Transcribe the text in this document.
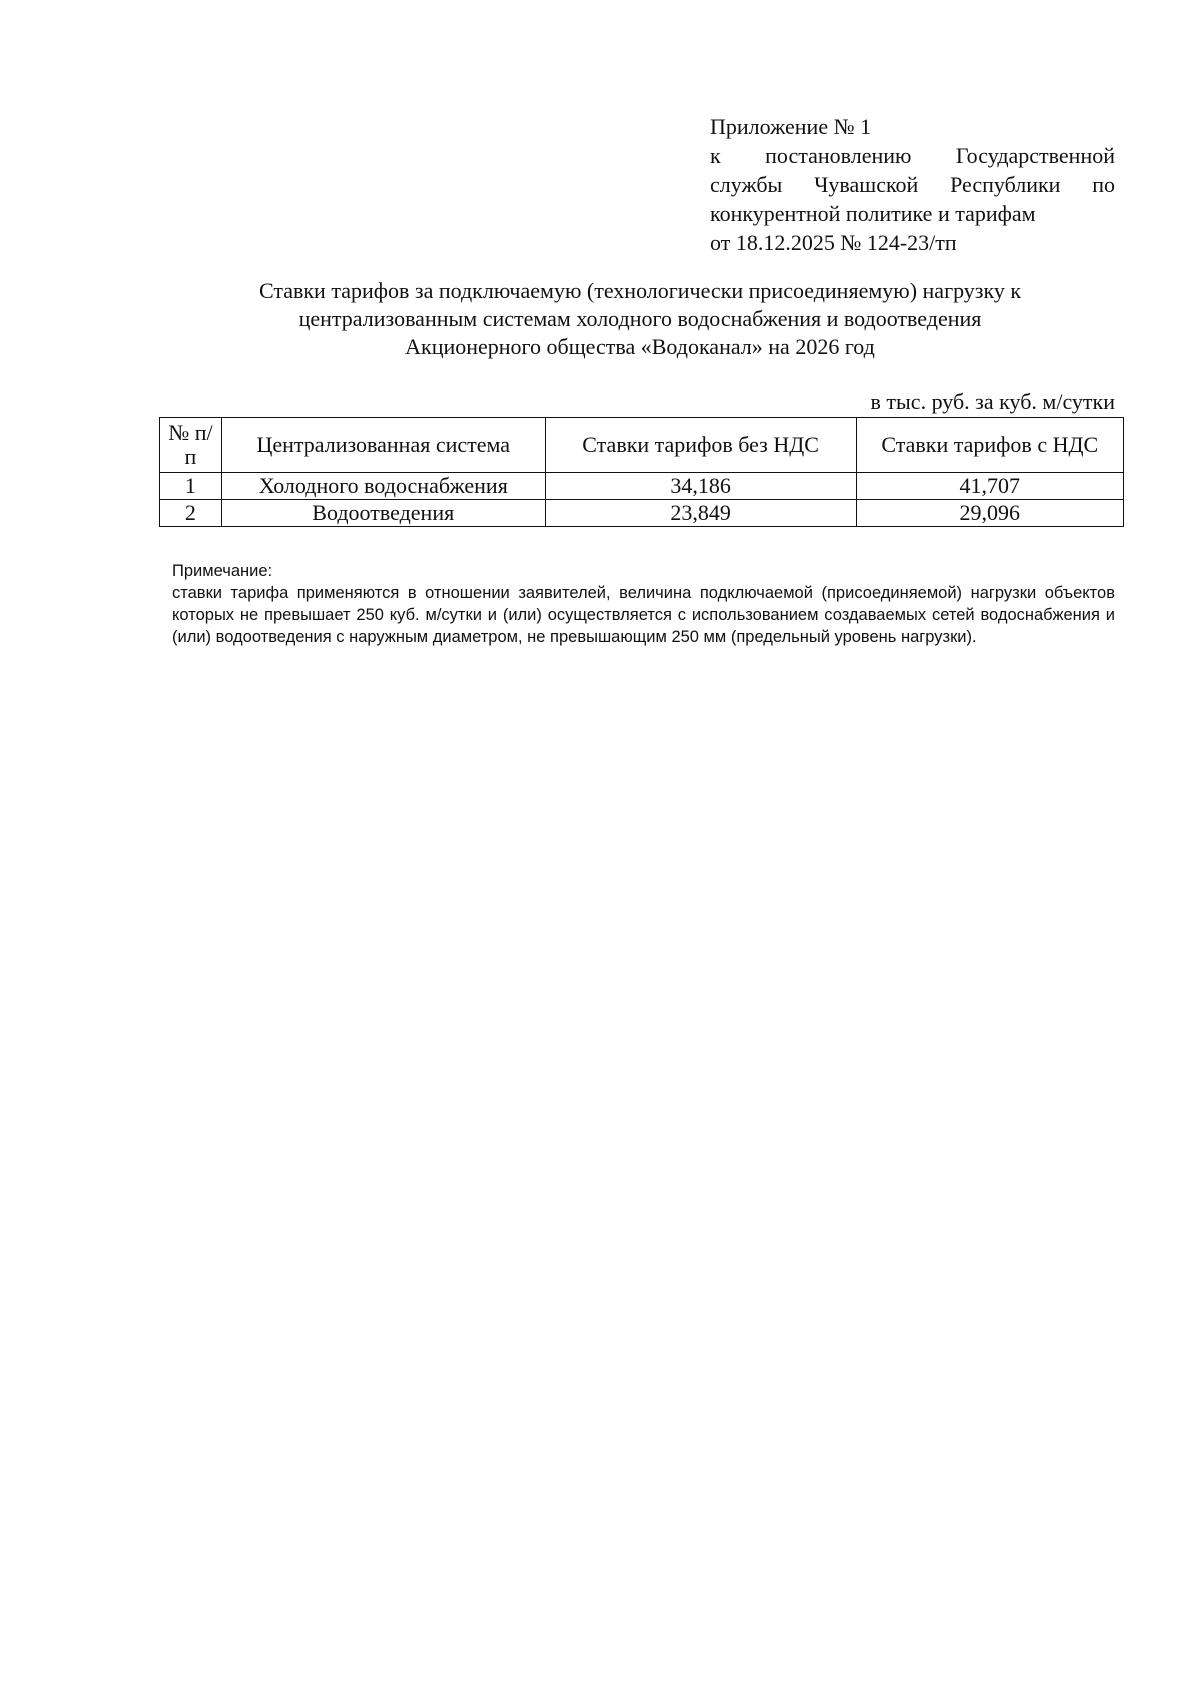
Приложение № 1
к постановлению Государственной
службы Чувашской Республики по
конкурентной политике и тарифам
от 18.12.2025 № 124-23/тп
Ставки тарифов за подключаемую (технологически присоединяемую) нагрузку к
централизованным системам холодного водоснабжения и водоотведения
Акционерного общества «Водоканал» на 2026 год
в тыс. руб. за куб. м/сутки
№ п/п	Централизованная система	Ставки тарифов без НДС	Ставки тарифов с НДС
1	Холодного водоснабжения	34,186	41,707
2	Водоотведения	23,849	29,096
Примечание:
ставки тарифа применяются в отношении заявителей, величина подключаемой (присоединяемой) нагрузки объектов которых не превышает 250 куб. м/сутки и (или) осуществляется с использованием создаваемых сетей водоснабжения и (или) водоотведения с наружным диаметром, не превышающим 250 мм (предельный уровень нагрузки).
